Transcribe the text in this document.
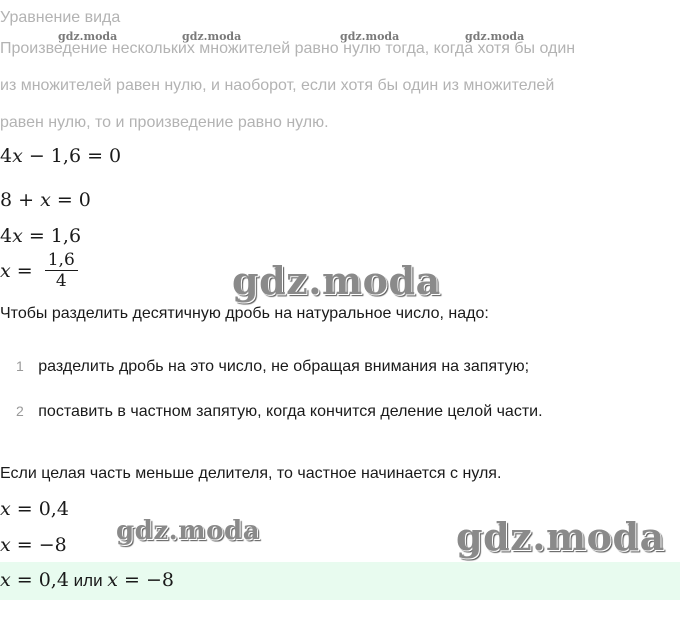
gdz.moda	gdz.moda	gdz.moda	gdz.moda
Уравнение вида
Произведение нескольких множителей равно нулю тогда, когда хотя бы один
из множителей равен нулю, и наоборот, если хотя бы один из множителей
равен нулю, то и произведение равно нулю.
4x − 1,6 = 0
8 + x = 0
4x = 1,6
$x = \frac{1,6}{4}$	gdz.moda
Чтобы разделить десятичную дробь на натуральное число, надо:
1 разделить дробь на это число, не обращая внимания на запятую;
2 поставить в частном запятую, когда кончится деление целой части.
Если целая часть меньше делителя, то частное начинается с нуля.
x = 0,4
x = −8 gdz.moda	gdz.moda
x = 0,4 или x = −8
